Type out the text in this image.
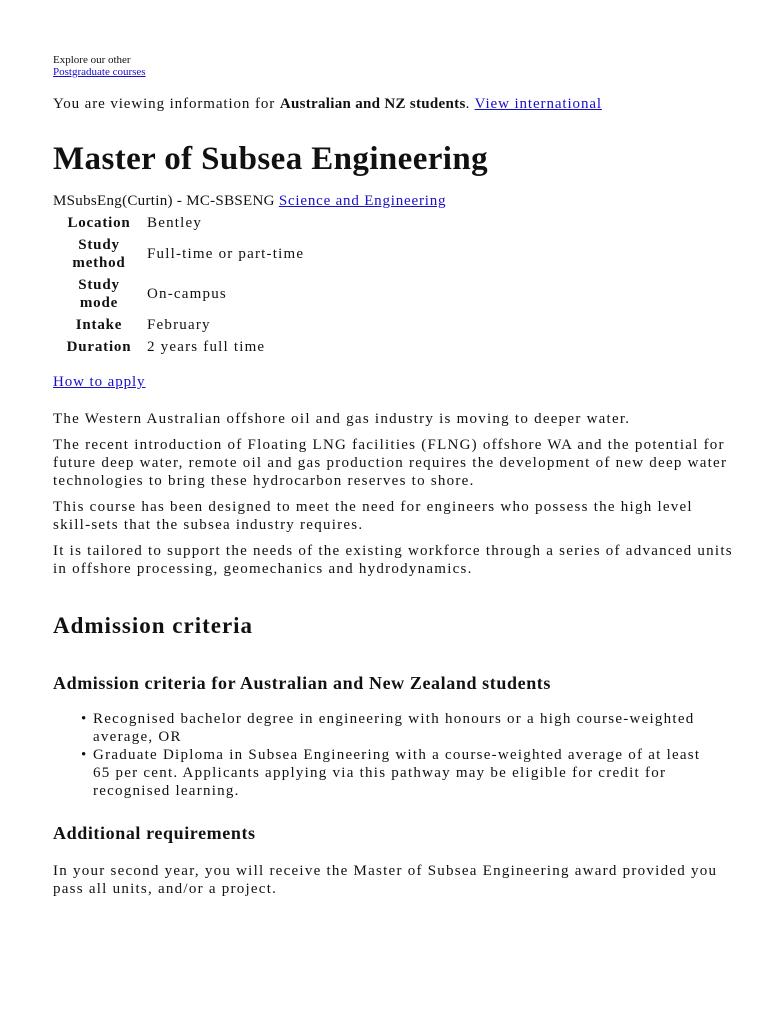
Explore our other
Postgraduate courses
You are viewing information for Australian and NZ students. View international
Master of Subsea Engineering
MSubsEng(Curtin) - MC-SBSENG Science and Engineering
Location	Bentley
Study method	Full-time or part-time
Study mode	On-campus
Intake	February
Duration	2 years full time
How to apply

The Western Australian offshore oil and gas industry is moving to deeper water.

The recent introduction of Floating LNG facilities (FLNG) offshore WA and the potential for future deep water, remote oil and gas production requires the development of new deep water technologies to bring these hydrocarbon reserves to shore.

This course has been designed to meet the need for engineers who possess the high level skill-sets that the subsea industry requires.

It is tailored to support the needs of the existing workforce through a series of advanced units in offshore processing, geomechanics and hydrodynamics.

Admission criteria
Admission criteria for Australian and New Zealand students
• Recognised bachelor degree in engineering with honours or a high course-weighted average, OR
• Graduate Diploma in Subsea Engineering with a course-weighted average of at least
65 per cent. Applicants applying via this pathway may be eligible for credit for recognised learning.
Additional requirements

In your second year, you will receive the Master of Subsea Engineering award provided you pass all units, and/or a project.
